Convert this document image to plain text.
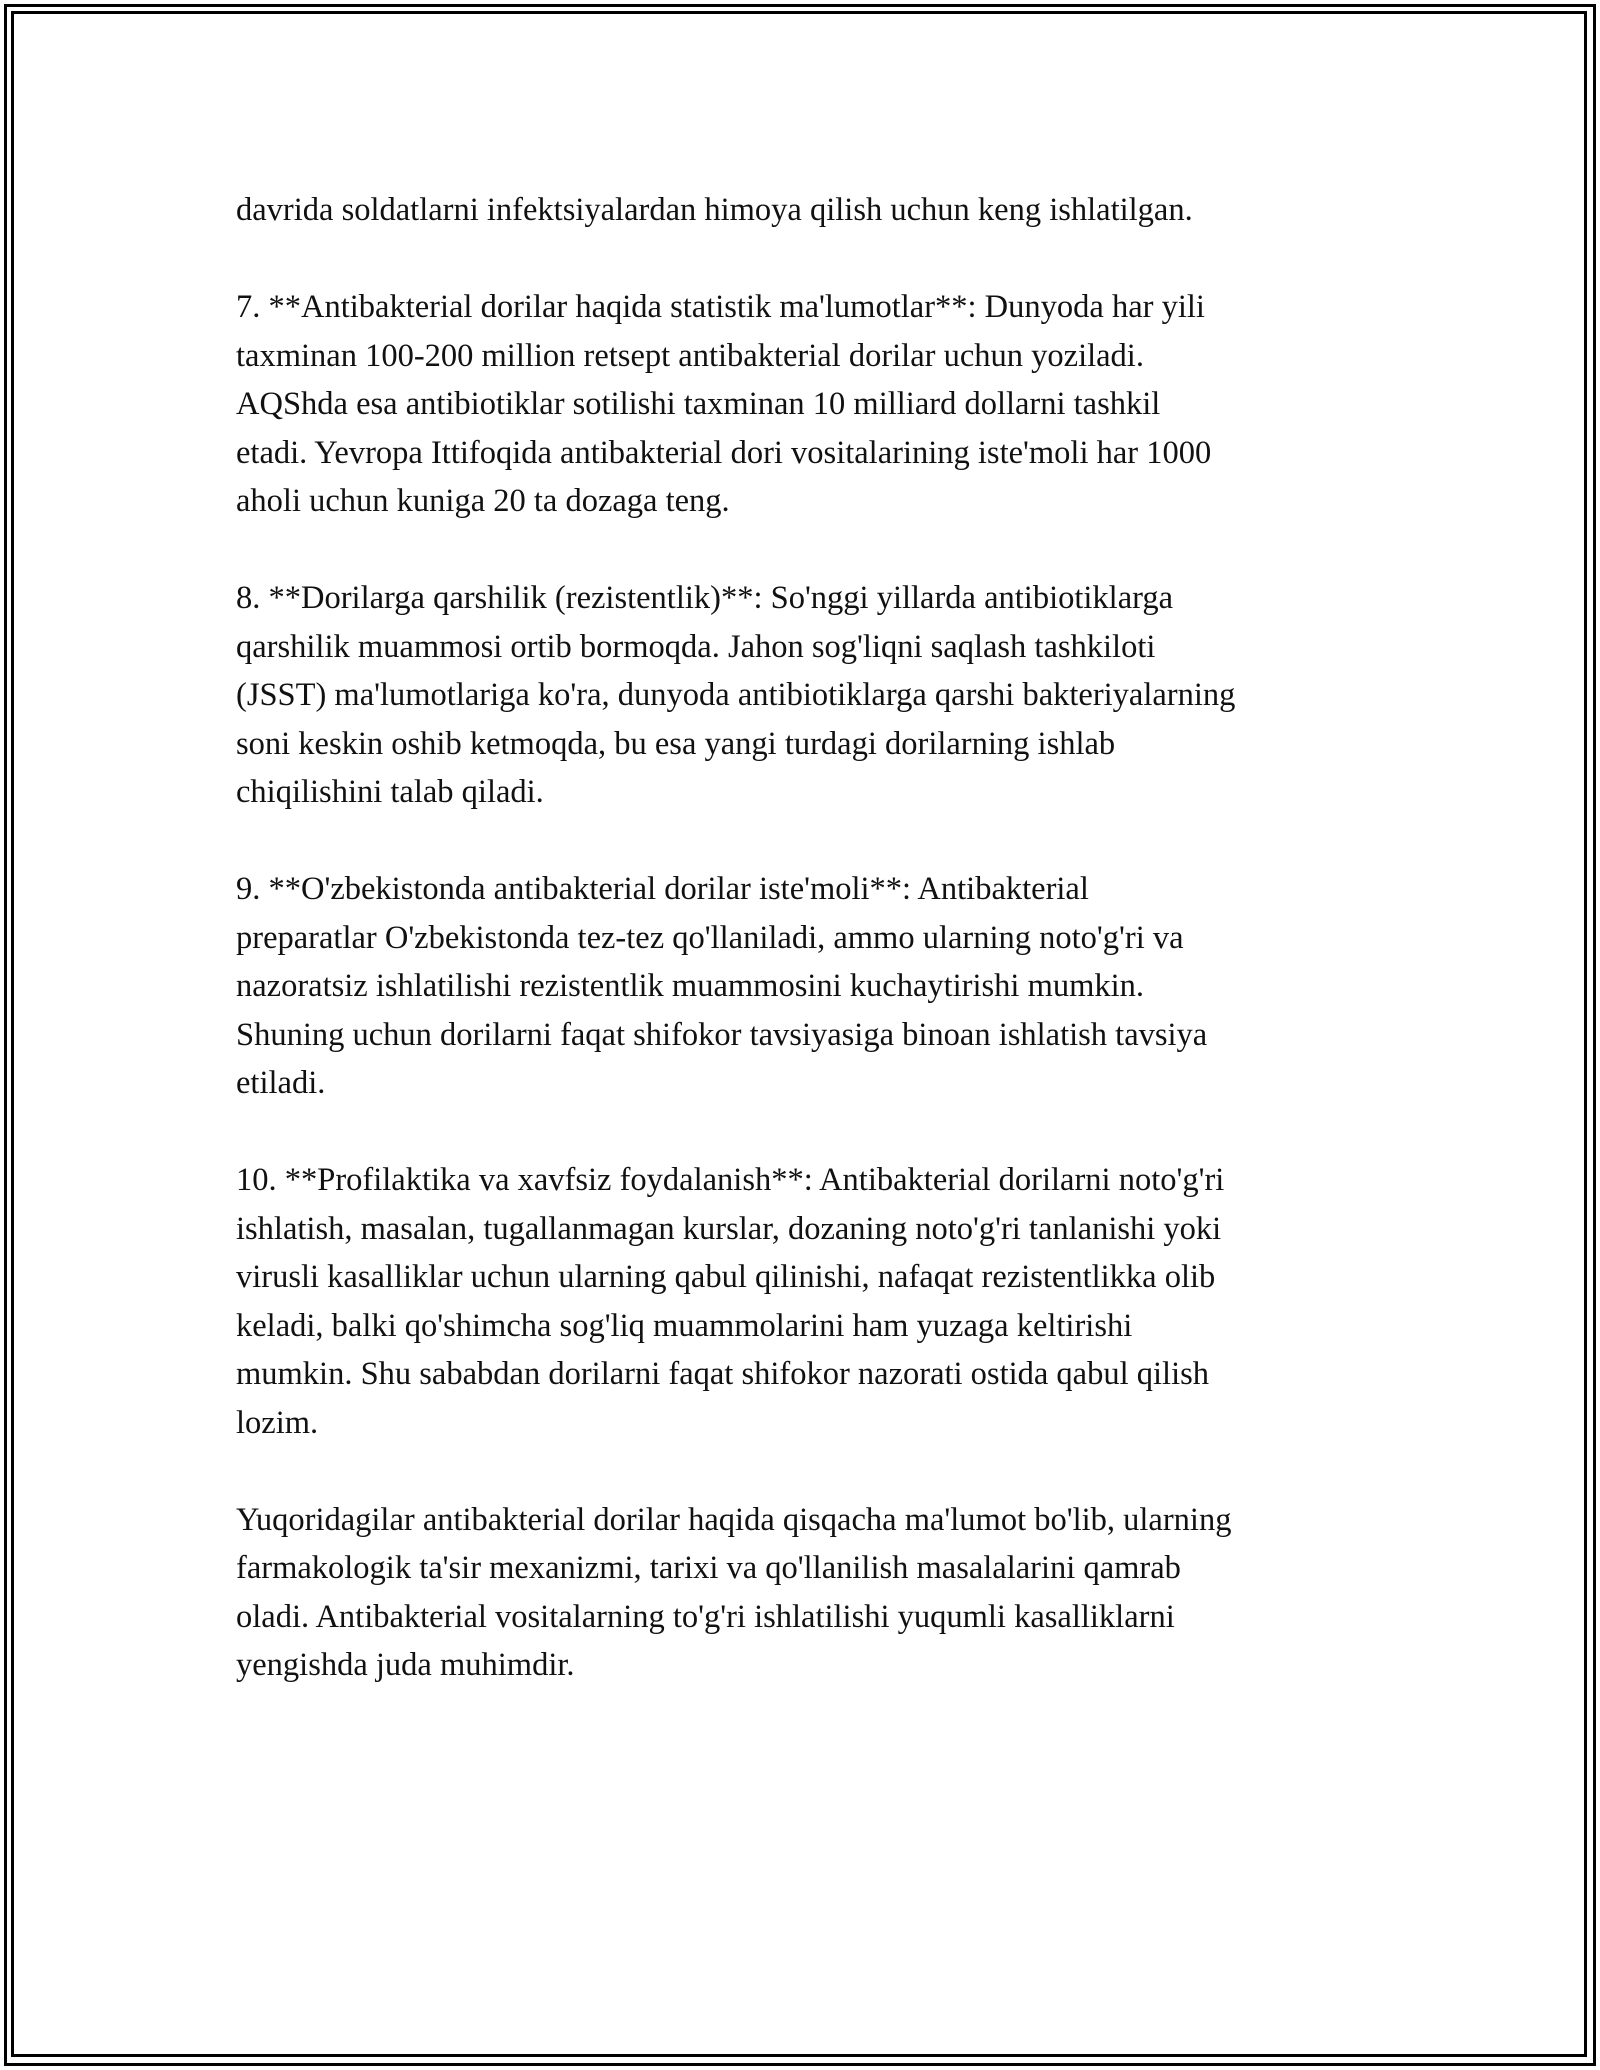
davrida soldatlarni infektsiyalardan himoya qilish uchun keng ishlatilgan.

7. **Antibakterial dorilar haqida statistik ma'lumotlar**: Dunyoda har yili
taxminan 100-200 million retsept antibakterial dorilar uchun yoziladi.
AQShda esa antibiotiklar sotilishi taxminan 10 milliard dollarni tashkil
etadi. Yevropa Ittifoqida antibakterial dori vositalarining iste'moli har 1000
aholi uchun kuniga 20 ta dozaga teng.

8. **Dorilarga qarshilik (rezistentlik)**: So'nggi yillarda antibiotiklarga
qarshilik muammosi ortib bormoqda. Jahon sog'liqni saqlash tashkiloti
(JSST) ma'lumotlariga ko'ra, dunyoda antibiotiklarga qarshi bakteriyalarning
soni keskin oshib ketmoqda, bu esa yangi turdagi dorilarning ishlab
chiqilishini talab qiladi.

9. **O'zbekistonda antibakterial dorilar iste'moli**: Antibakterial
preparatlar O'zbekistonda tez-tez qo'llaniladi, ammo ularning noto'g'ri va
nazoratsiz ishlatilishi rezistentlik muammosini kuchaytirishi mumkin.
Shuning uchun dorilarni faqat shifokor tavsiyasiga binoan ishlatish tavsiya
etiladi.

10. **Profilaktika va xavfsiz foydalanish**: Antibakterial dorilarni noto'g'ri
ishlatish, masalan, tugallanmagan kurslar, dozaning noto'g'ri tanlanishi yoki
virusli kasalliklar uchun ularning qabul qilinishi, nafaqat rezistentlikka olib
keladi, balki qo'shimcha sog'liq muammolarini ham yuzaga keltirishi
mumkin. Shu sababdan dorilarni faqat shifokor nazorati ostida qabul qilish
lozim.

Yuqoridagilar antibakterial dorilar haqida qisqacha ma'lumot bo'lib, ularning
farmakologik ta'sir mexanizmi, tarixi va qo'llanilish masalalarini qamrab
oladi. Antibakterial vositalarning to'g'ri ishlatilishi yuqumli kasalliklarni
yengishda juda muhimdir.
